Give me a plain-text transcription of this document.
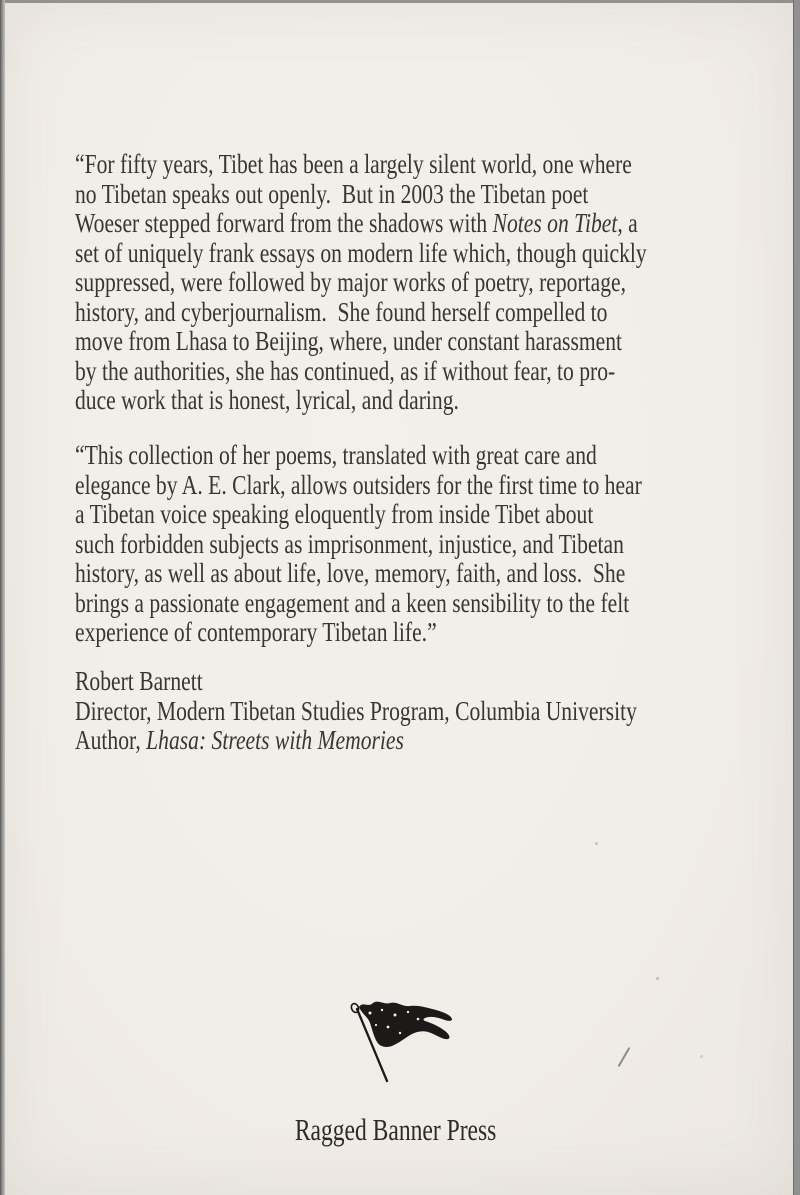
“For fifty years, Tibet has been a largely silent world, one where
no Tibetan speaks out openly.  But in 2003 the Tibetan poet
Woeser stepped forward from the shadows with Notes on Tibet, a
set of uniquely frank essays on modern life which, though quickly
suppressed, were followed by major works of poetry, reportage,
history, and cyberjournalism.  She found herself compelled to
move from Lhasa to Beijing, where, under constant harassment
by the authorities, she has continued, as if without fear, to pro-
duce work that is honest, lyrical, and daring.
“This collection of her poems, translated with great care and
elegance by A. E. Clark, allows outsiders for the first time to hear
a Tibetan voice speaking eloquently from inside Tibet about
such forbidden subjects as imprisonment, injustice, and Tibetan
history, as well as about life, love, memory, faith, and loss.  She
brings a passionate engagement and a keen sensibility to the felt
experience of contemporary Tibetan life.”
Robert Barnett
Director, Modern Tibetan Studies Program, Columbia University
Author, Lhasa: Streets with Memories
Ragged Banner Press
